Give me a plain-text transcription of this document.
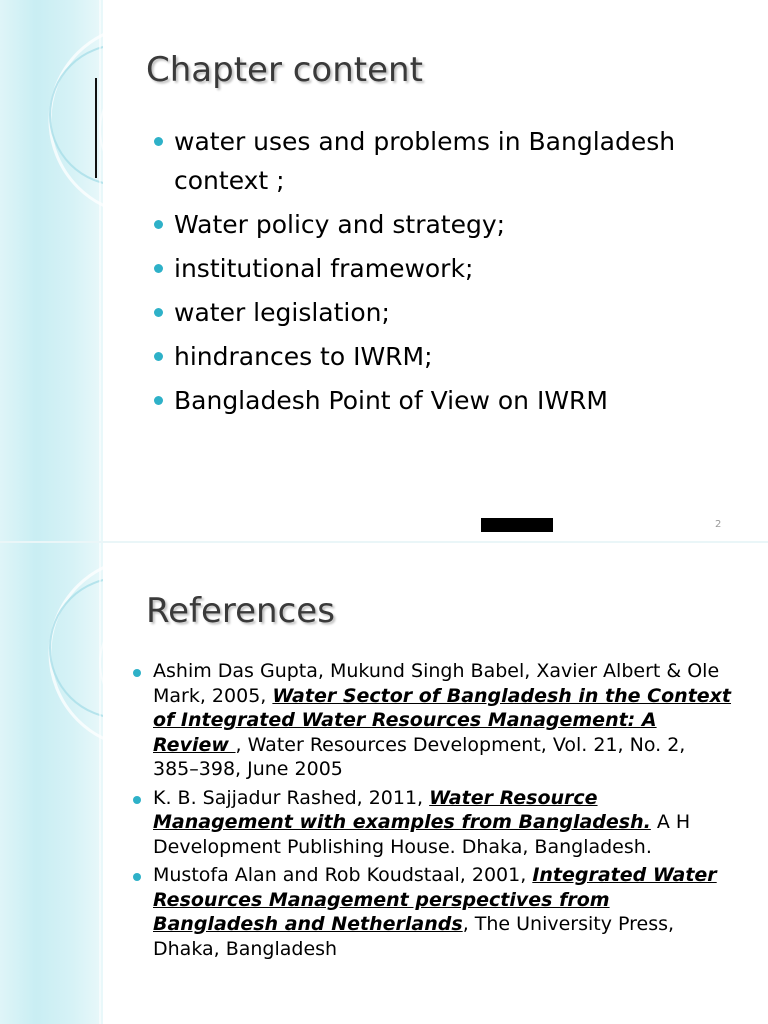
Chapter content
water uses and problems in Bangladesh context ;
Water policy and strategy;
institutional framework;
water legislation;
hindrances to IWRM;
Bangladesh Point of View on IWRM
2
References
Ashim Das Gupta, Mukund Singh Babel, Xavier Albert & Ole Mark, 2005, Water Sector of Bangladesh in the Context of Integrated Water Resources Management: A Review , Water Resources Development, Vol. 21, No. 2, 385–398, June 2005
K. B. Sajjadur Rashed, 2011, Water Resource Management with examples from Bangladesh. A H Development Publishing House. Dhaka, Bangladesh.
Mustofa Alan and Rob Koudstaal, 2001, Integrated Water Resources Management perspectives from Bangladesh and Netherlands, The University Press, Dhaka, Bangladesh
